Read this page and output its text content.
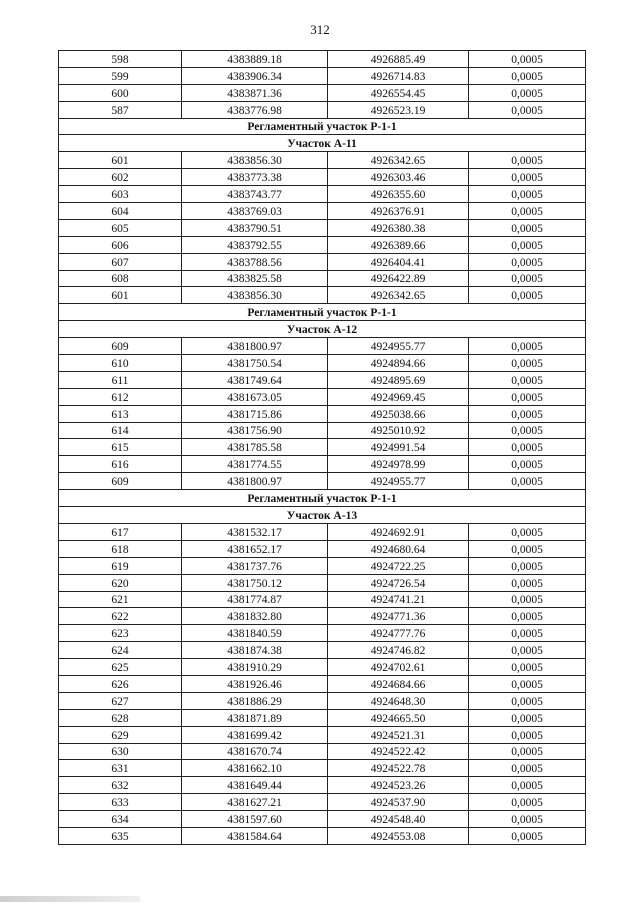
312
598	4383889.18	4926885.49	0,0005
599	4383906.34	4926714.83	0,0005
600	4383871.36	4926554.45	0,0005
587	4383776.98	4926523.19	0,0005
Регламентный участок Р-1-1			
Участок А-11			
601	4383856.30	4926342.65	0,0005
602	4383773.38	4926303.46	0,0005
603	4383743.77	4926355.60	0,0005
604	4383769.03	4926376.91	0,0005
605	4383790.51	4926380.38	0,0005
606	4383792.55	4926389.66	0,0005
607	4383788.56	4926404.41	0,0005
608	4383825.58	4926422.89	0,0005
601	4383856.30	4926342.65	0,0005
Регламентный участок Р-1-1			
Участок А-12			
609	4381800.97	4924955.77	0,0005
610	4381750.54	4924894.66	0,0005
611	4381749.64	4924895.69	0,0005
612	4381673.05	4924969.45	0,0005
613	4381715.86	4925038.66	0,0005
614	4381756.90	4925010.92	0,0005
615	4381785.58	4924991.54	0,0005
616	4381774.55	4924978.99	0,0005
609	4381800.97	4924955.77	0,0005
Регламентный участок Р-1-1			
Участок А-13			
617	4381532.17	4924692.91	0,0005
618	4381652.17	4924680.64	0,0005
619	4381737.76	4924722.25	0,0005
620	4381750.12	4924726.54	0,0005
621	4381774.87	4924741.21	0,0005
622	4381832.80	4924771.36	0,0005
623	4381840.59	4924777.76	0,0005
624	4381874.38	4924746.82	0,0005
625	4381910.29	4924702.61	0,0005
626	4381926.46	4924684.66	0,0005
627	4381886.29	4924648.30	0,0005
628	4381871.89	4924665.50	0,0005
629	4381699.42	4924521.31	0,0005
630	4381670.74	4924522.42	0,0005
631	4381662.10	4924522.78	0,0005
632	4381649.44	4924523.26	0,0005
633	4381627.21	4924537.90	0,0005
634	4381597.60	4924548.40	0,0005
635	4381584.64	4924553.08	0,0005
